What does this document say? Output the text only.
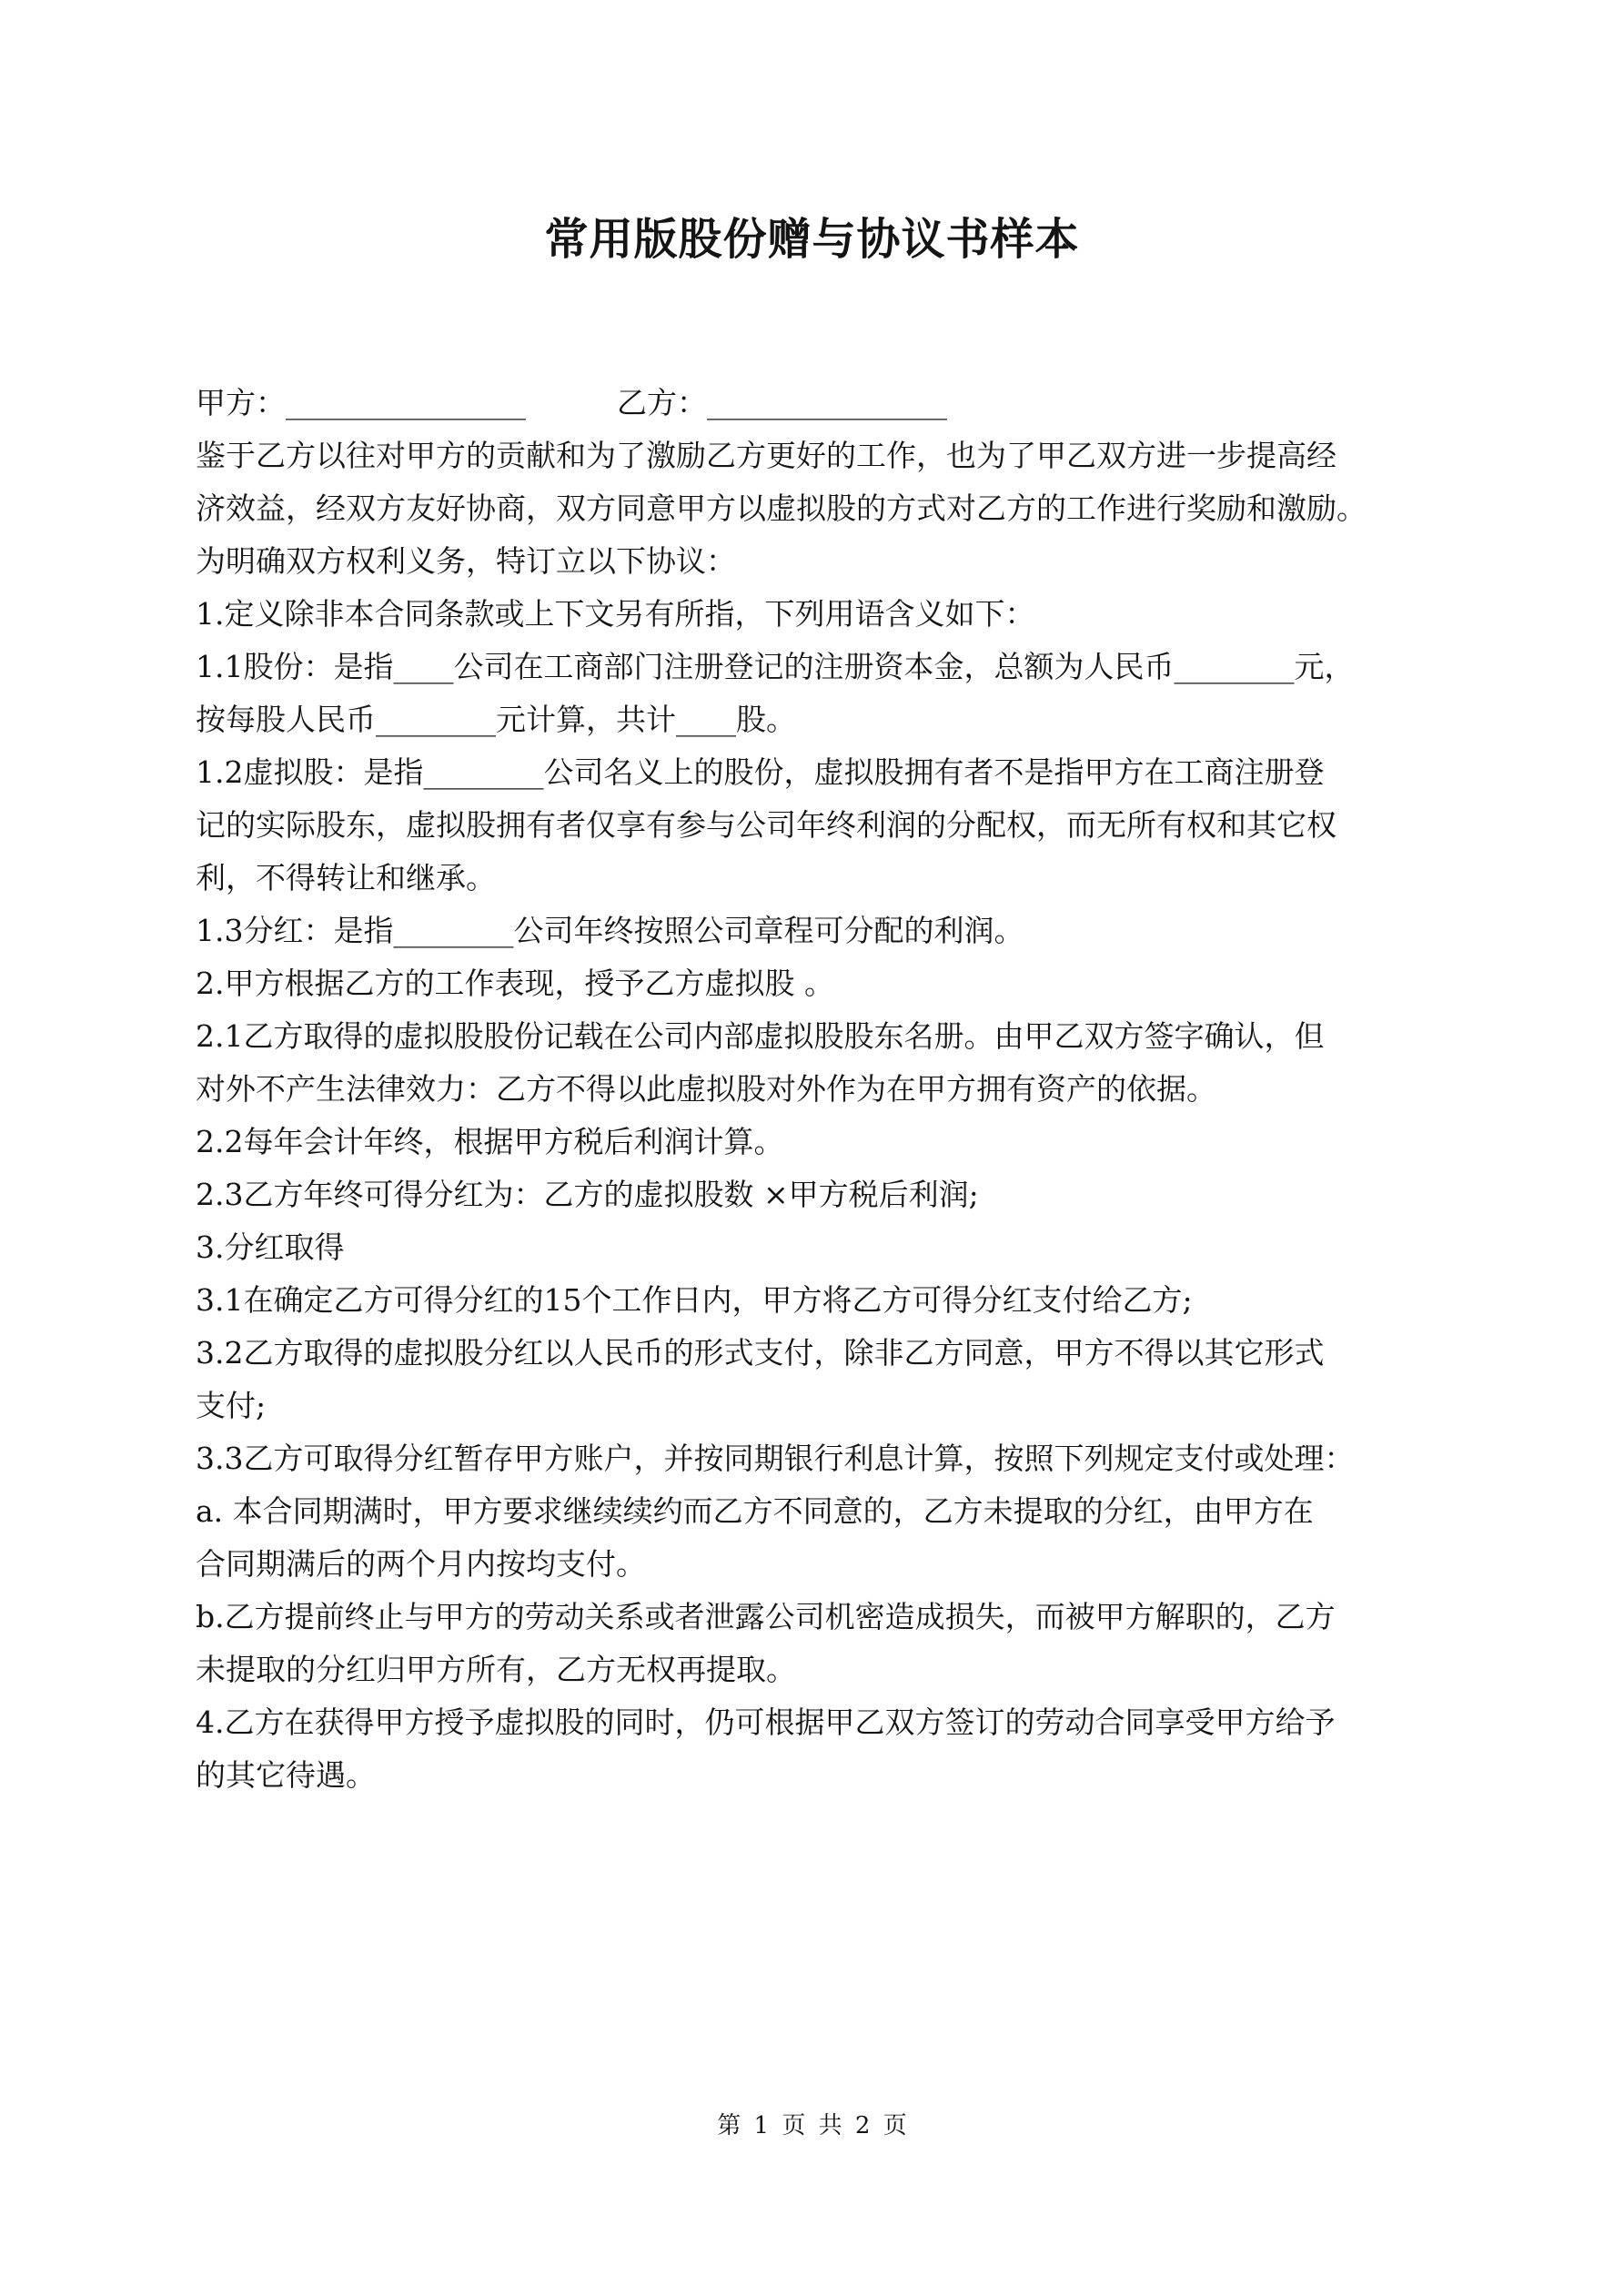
常用版股份赠与协议书样本
甲方：________________	乙方：________________

鉴于乙方以往对甲方的贡献和为了激励乙方更好的工作，也为了甲乙双方进一步提高经

济效益，经双方友好协商，双方同意甲方以虚拟股的方式对乙方的工作进行奖励和激励。

为明确双方权利义务，特订立以下协议：

1.定义除非本合同条款或上下文另有所指，下列用语含义如下：

1.1股份：是指____公司在工商部门注册登记的注册资本金，总额为人民币________元，

按每股人民币________元计算，共计____股。

1.2虚拟股：是指________公司名义上的股份，虚拟股拥有者不是指甲方在工商注册登

记的实际股东，虚拟股拥有者仅享有参与公司年终利润的分配权，而无所有权和其它权

利，不得转让和继承。

1.3分红：是指________公司年终按照公司章程可分配的利润。

2.甲方根据乙方的工作表现，授予乙方虚拟股 。

2.1乙方取得的虚拟股股份记载在公司内部虚拟股股东名册。由甲乙双方签字确认，但

对外不产生法律效力：乙方不得以此虚拟股对外作为在甲方拥有资产的依据。

2.2每年会计年终，根据甲方税后利润计算。

2.3乙方年终可得分红为：乙方的虚拟股数 ×甲方税后利润;

3.分红取得

3.1在确定乙方可得分红的15个工作日内，甲方将乙方可得分红支付给乙方;

3.2乙方取得的虚拟股分红以人民币的形式支付，除非乙方同意，甲方不得以其它形式

支付;

3.3乙方可取得分红暂存甲方账户，并按同期银行利息计算，按照下列规定支付或处理：

a. 本合同期满时，甲方要求继续续约而乙方不同意的，乙方未提取的分红，由甲方在

合同期满后的两个月内按均支付。

b.乙方提前终止与甲方的劳动关系或者泄露公司机密造成损失，而被甲方解职的，乙方

未提取的分红归甲方所有，乙方无权再提取。

4.乙方在获得甲方授予虚拟股的同时，仍可根据甲乙双方签订的劳动合同享受甲方给予

的其它待遇。

第 1 页 共 2 页
